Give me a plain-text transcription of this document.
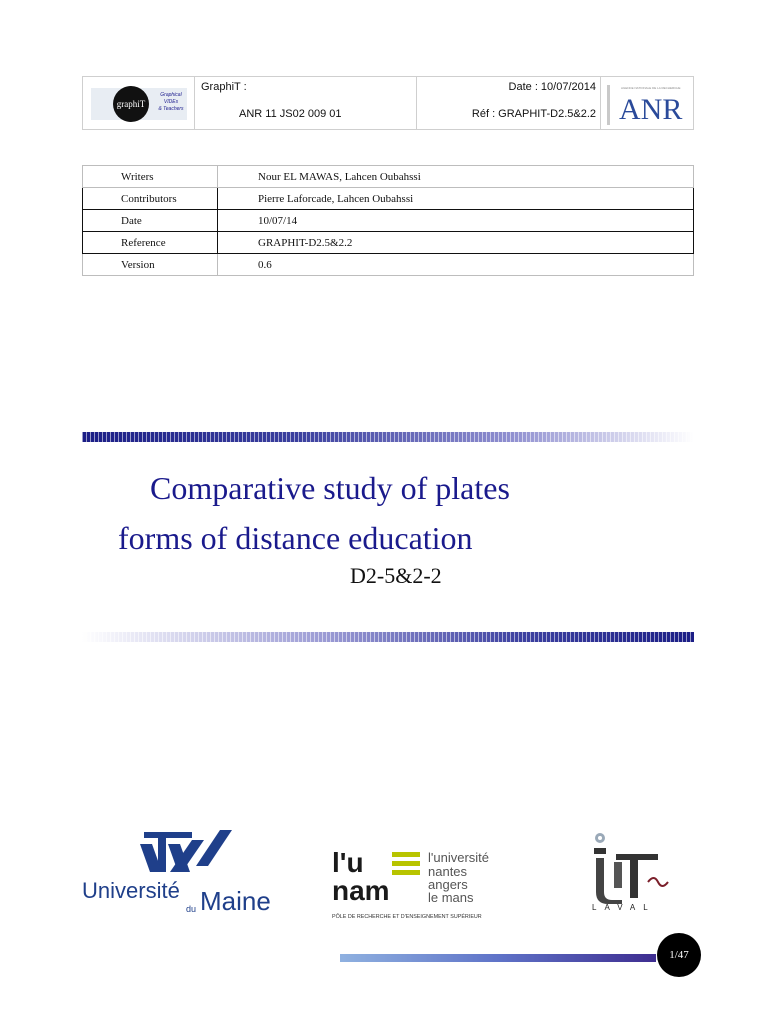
graphiT
Graphical
VIDEs
& Teachers
GraphiT :
ANR 11 JS02 009 01
Date : 10/07/2014
Réf : GRAPHIT-D2.5&2.2
AGENCE NATIONALE DE LA RECHERCHE
ANR
Writers	Nour EL MAWAS, Lahcen Oubahssi
Contributors	Pierre Laforcade, Lahcen Oubahssi
Date	10/07/14
Reference	GRAPHIT-D2.5&2.2
Version	0.6
Comparative study of plates
forms of distance education
D2-5&2-2
Université
du Maine
l'u
nam
l'université
nantes
angers
le mans
PÔLE DE RECHERCHE ET D'ENSEIGNEMENT SUPÉRIEUR
LAVAL
1/47
